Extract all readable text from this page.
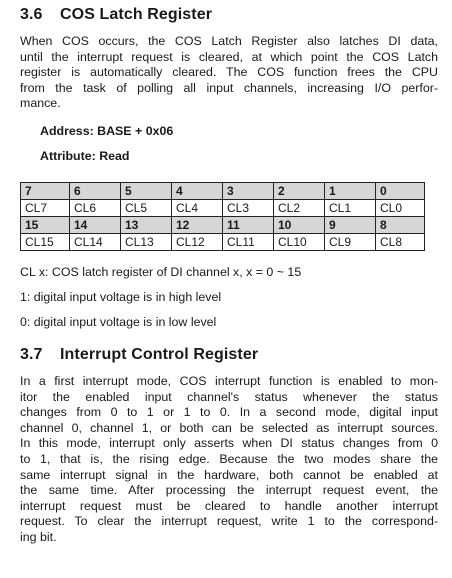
3.6 COS Latch Register
When COS occurs, the COS Latch Register also latches DI data,
until the interrupt request is cleared, at which point the COS Latch
register is automatically cleared. The COS function frees the CPU
from the task of polling all input channels, increasing I/O perfor-
mance.
Address: BASE + 0x06
Attribute: Read
7	6	5	4	3	2	1	0
CL7	CL6	CL5	CL4	CL3	CL2	CL1	CL0
15	14	13	12	11	10	9	8
CL15	CL14	CL13	CL12	CL11	CL10	CL9	CL8
CL x: COS latch register of DI channel x, x = 0 ~ 15
1: digital input voltage is in high level
0: digital input voltage is in low level
3.7 Interrupt Control Register
In a first interrupt mode, COS interrupt function is enabled to mon-
itor the enabled input channel's status whenever the status
changes from 0 to 1 or 1 to 0. In a second mode, digital input
channel 0, channel 1, or both can be selected as interrupt sources.
In this mode, interrupt only asserts when DI status changes from 0
to 1, that is, the rising edge. Because the two modes share the
same interrupt signal in the hardware, both cannot be enabled at
the same time. After processing the interrupt request event, the
interrupt request must be cleared to handle another interrupt
request. To clear the interrupt request, write 1 to the correspond-
ing bit.
